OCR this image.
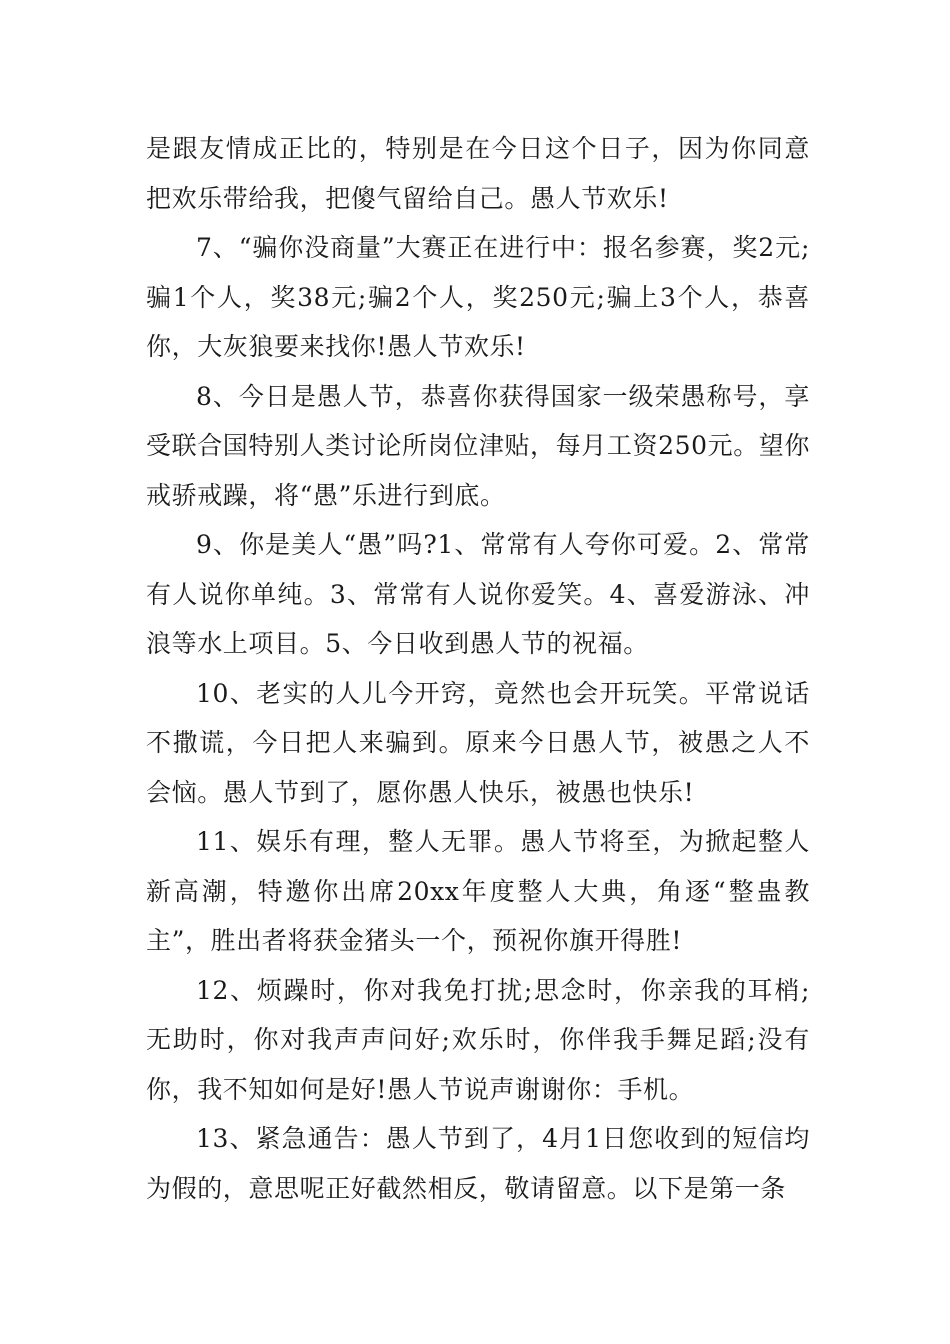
是跟友情成正比的，特别是在今日这个日子，因为你同意把欢乐带给我，把傻气留给自己。愚人节欢乐!

7、“骗你没商量”大赛正在进行中：报名参赛，奖2元;骗1个人，奖38元;骗2个人，奖250元;骗上3个人，恭喜你，大灰狼要来找你!愚人节欢乐!

8、今日是愚人节，恭喜你获得国家一级荣愚称号，享受联合国特别人类讨论所岗位津贴，每月工资250元。望你戒骄戒躁，将“愚”乐进行到底。

9、你是美人“愚”吗?1、常常有人夸你可爱。2、常常有人说你单纯。3、常常有人说你爱笑。4、喜爱游泳、冲浪等水上项目。5、今日收到愚人节的祝福。

10、老实的人儿今开窍，竟然也会开玩笑。平常说话不撒谎，今日把人来骗到。原来今日愚人节，被愚之人不会恼。愚人节到了，愿你愚人快乐，被愚也快乐!

11、娱乐有理，整人无罪。愚人节将至，为掀起整人新高潮，特邀你出席20xx年度整人大典，角逐“整蛊教主”，胜出者将获金猪头一个，预祝你旗开得胜!

12、烦躁时，你对我免打扰;思念时，你亲我的耳梢;无助时，你对我声声问好;欢乐时，你伴我手舞足蹈;没有你，我不知如何是好!愚人节说声谢谢你：手机。

13、紧急通告：愚人节到了，4月1日您收到的短信均为假的，意思呢正好截然相反，敬请留意。以下是第一条
